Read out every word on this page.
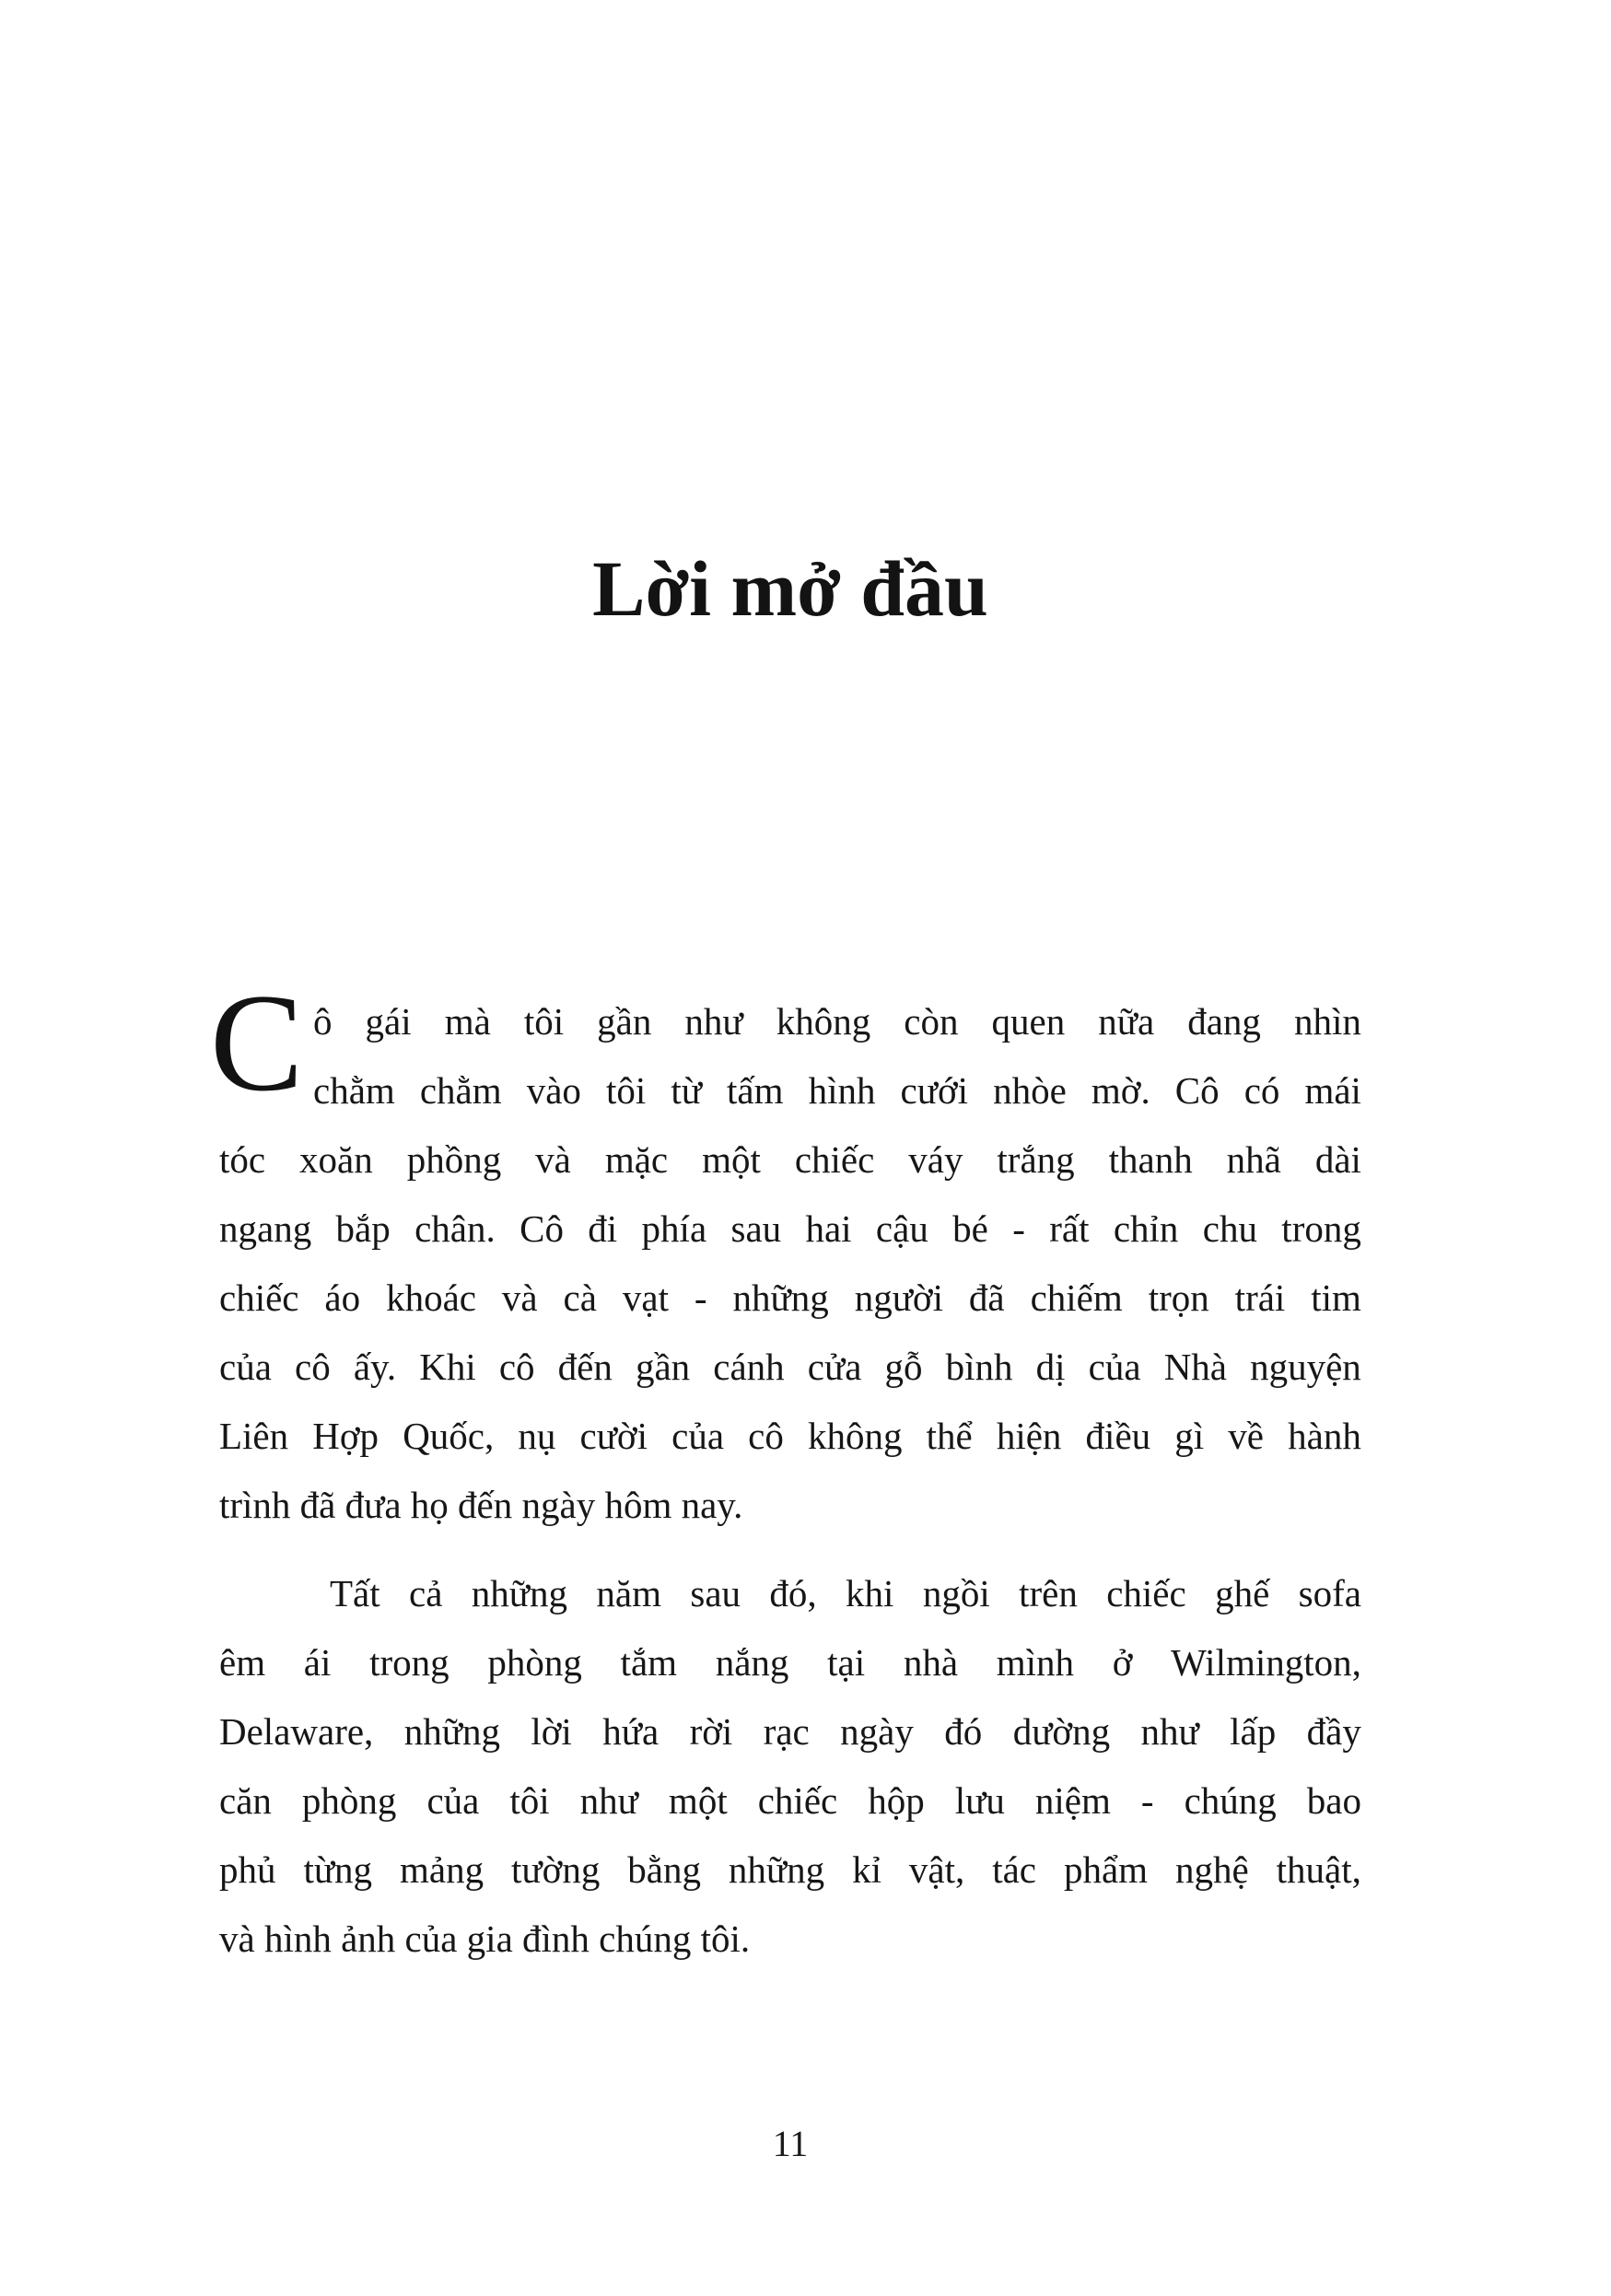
Lời mở đầu
C ô gái mà tôi gần như không còn quen nữa đang nhìn
chằm chằm vào tôi từ tấm hình cưới nhòe mờ. Cô có mái
tóc xoăn phồng và mặc một chiếc váy trắng thanh nhã dài
ngang bắp chân. Cô đi phía sau hai cậu bé - rất chỉn chu trong
chiếc áo khoác và cà vạt - những người đã chiếm trọn trái tim
của cô ấy. Khi cô đến gần cánh cửa gỗ bình dị của Nhà nguyện
Liên Hợp Quốc, nụ cười của cô không thể hiện điều gì về hành
trình đã đưa họ đến ngày hôm nay.
Tất cả những năm sau đó, khi ngồi trên chiếc ghế sofa
êm ái trong phòng tắm nắng tại nhà mình ở Wilmington,
Delaware, những lời hứa rời rạc ngày đó dường như lấp đầy
căn phòng của tôi như một chiếc hộp lưu niệm - chúng bao
phủ từng mảng tường bằng những kỉ vật, tác phẩm nghệ thuật,
và hình ảnh của gia đình chúng tôi.
11
